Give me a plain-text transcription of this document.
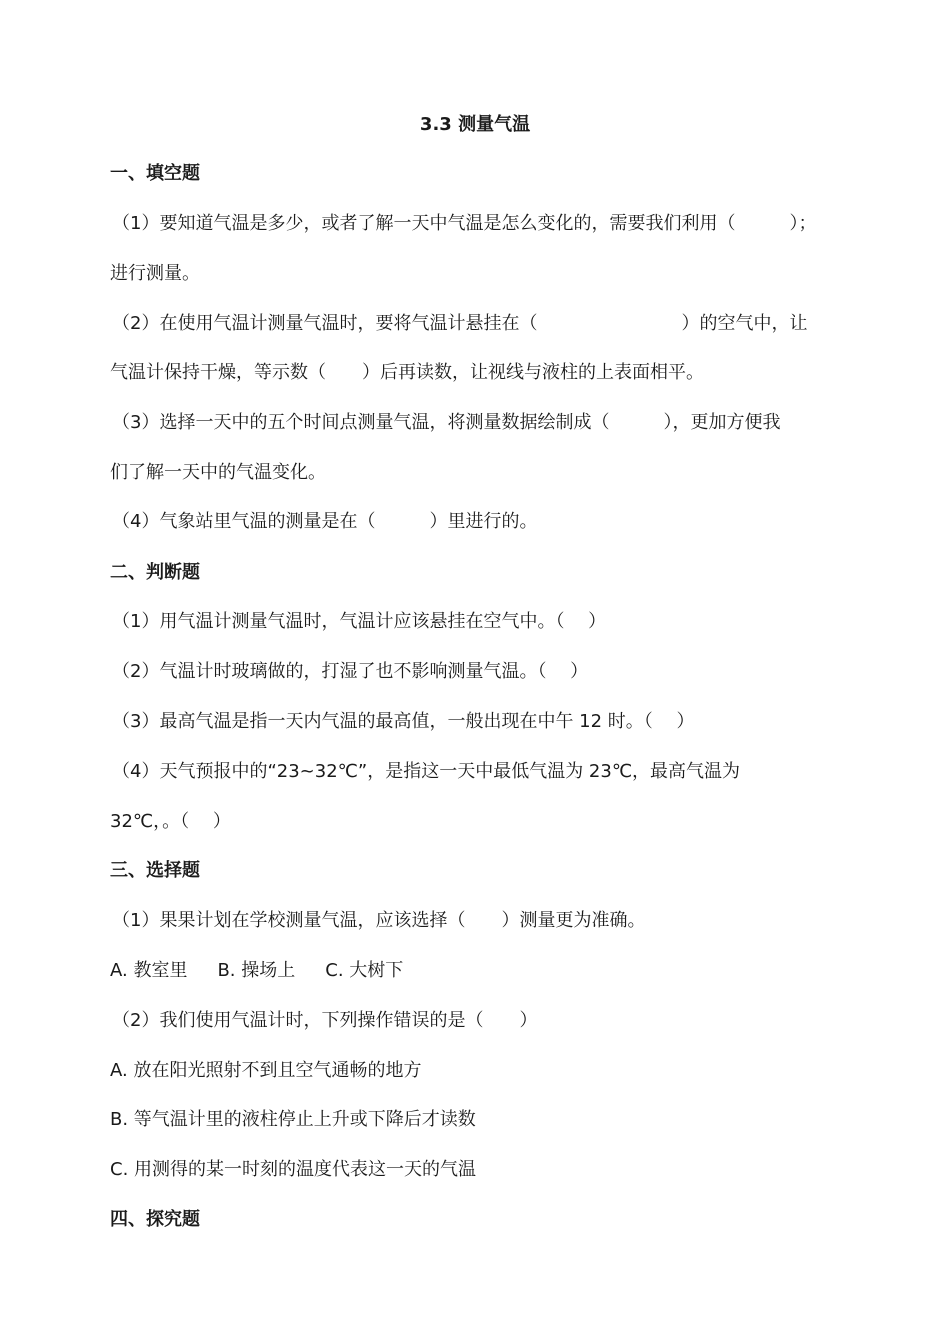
3.3 测量气温
一、填空题
（1）要知道气温是多少，或者了解一天中气温是怎么变化的，需要我们利用（　　　）；
进行测量。
（2）在使用气温计测量气温时，要将气温计悬挂在（　　　　　　　　）的空气中，让
气温计保持干燥，等示数（　　）后再读数，让视线与液柱的上表面相平。
（3）选择一天中的五个时间点测量气温，将测量数据绘制成（　　　），更加方便我
们了解一天中的气温变化。
（4）气象站里气温的测量是在（　　　）里进行的。
二、判断题
（1）用气温计测量气温时，气温计应该悬挂在空气中。（　 ）
（2）气温计时玻璃做的，打湿了也不影响测量气温。（　 ）
（3）最高气温是指一天内气温的最高值，一般出现在中午 12 时。（　 ）
（4）天气预报中的“23~32℃”，是指这一天中最低气温为 23℃，最高气温为
32℃，。（　 ）
三、选择题
（1）果果计划在学校测量气温，应该选择（　　）测量更为准确。
A. 教室里 B. 操场上 C. 大树下
（2）我们使用气温计时，下列操作错误的是（　　）
A. 放在阳光照射不到且空气通畅的地方
B. 等气温计里的液柱停止上升或下降后才读数
C. 用测得的某一时刻的温度代表这一天的气温
四、探究题
